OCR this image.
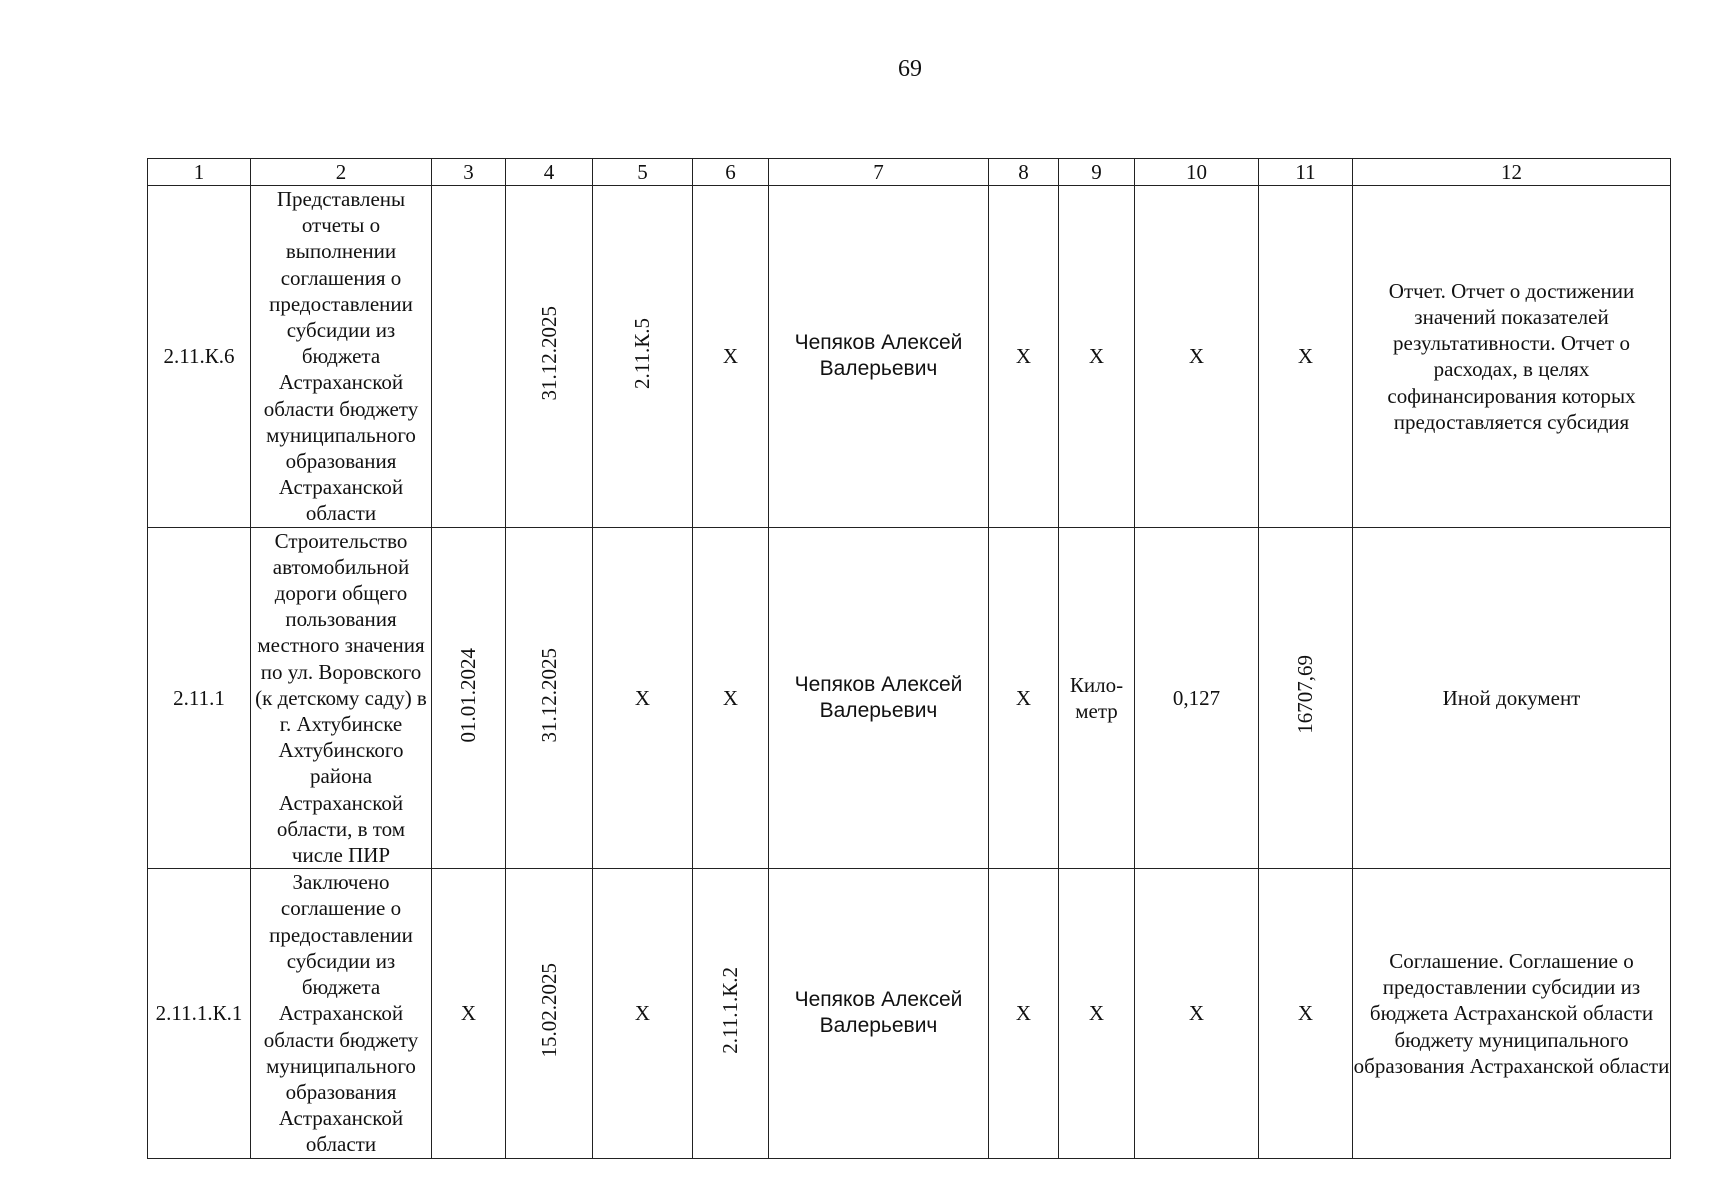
69
1	2	3	4	5	6	7	8	9	10	11	12
2.11.К.6	Представлены отчеты о выполнении соглашения о предоставлении субсидии из бюджета Астраханской области бюджету муниципального образования Астраханской области		31.12.2025	2.11.К.5	X	Чепяков Алексей Валерьевич	X	X	X	X	Отчет. Отчет о достижении значений показателей результативности. Отчет о расходах, в целях софинансирования которых предоставляется субсидия
2.11.1	Строительство автомобильной дороги общего пользования местного значения по ул. Воровского (к детскому саду) в г. Ахтубинске Ахтубинского района Астраханской области, в том числе ПИР	01.01.2024	31.12.2025	X	X	Чепяков Алексей Валерьевич	X	Кило-метр	0,127	16707,69	Иной документ
2.11.1.К.1	Заключено соглашение о предоставлении субсидии из бюджета Астраханской области бюджету муниципального образования Астраханской области	X	15.02.2025	X	2.11.1.К.2	Чепяков Алексей Валерьевич	X	X	X	X	Соглашение. Соглашение о предоставлении субсидии из бюджета Астраханской области бюджету муниципального образования Астраханской области
